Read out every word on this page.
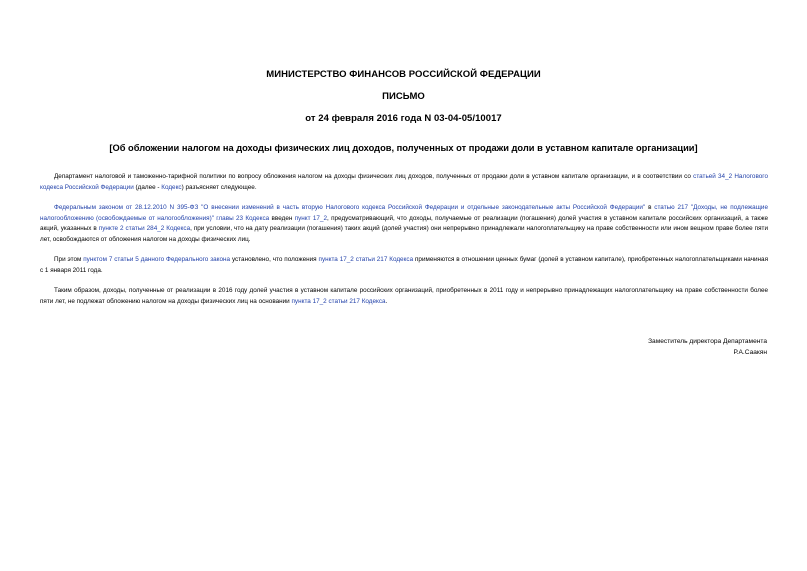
МИНИСТЕРСТВО ФИНАНСОВ РОССИЙСКОЙ ФЕДЕРАЦИИ
ПИСЬМО
от 24 февраля 2016 года N 03-04-05/10017
[Об обложении налогом на доходы физических лиц доходов, полученных от продажи доли в уставном капитале организации]
Департамент налоговой и таможенно-тарифной политики по вопросу обложения налогом на доходы физических лиц доходов, полученных от продажи доли в уставном капитале организации, и в соответствии со статьей 34_2 Налогового кодекса Российской Федерации (далее - Кодекс) разъясняет следующее.
Федеральным законом от 28.12.2010 N 395-ФЗ "О внесении изменений в часть вторую Налогового кодекса Российской Федерации и отдельные законодательные акты Российской Федерации" в статью 217 "Доходы, не подлежащие налогообложению (освобождаемые от налогообложения)" главы 23 Кодекса введен пункт 17_2, предусматривающий, что доходы, получаемые от реализации (погашения) долей участия в уставном капитале российских организаций, а также акций, указанных в пункте 2 статьи 284_2 Кодекса, при условии, что на дату реализации (погашения) таких акций (долей участия) они непрерывно принадлежали налогоплательщику на праве собственности или ином вещном праве более пяти лет, освобождаются от обложения налогом на доходы физических лиц.
При этом пунктом 7 статьи 5 данного Федерального закона установлено, что положения пункта 17_2 статьи 217 Кодекса применяются в отношении ценных бумаг (долей в уставном капитале), приобретенных налогоплательщиками начиная с 1 января 2011 года.
Таким образом, доходы, полученные от реализации в 2016 году долей участия в уставном капитале российских организаций, приобретенных в 2011 году и непрерывно принадлежащих налогоплательщику на праве собственности более пяти лет, не подлежат обложению налогом на доходы физических лиц на основании пункта 17_2 статьи 217 Кодекса.
Заместитель директора Департамента
Р.А.Саакян
